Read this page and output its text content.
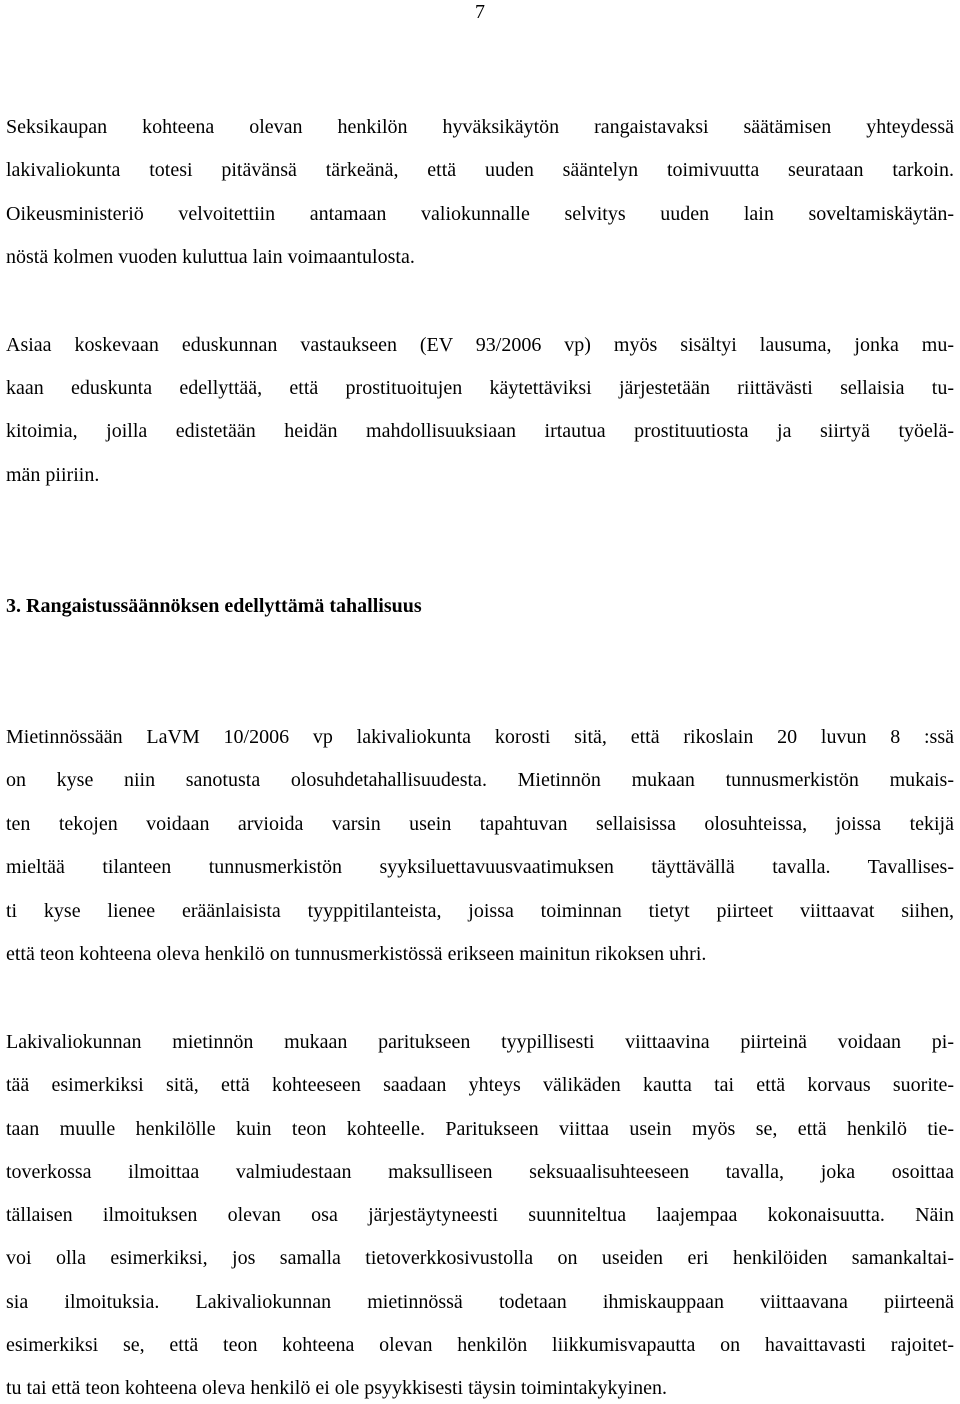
7
Seksikaupan kohteena olevan henkilön hyväksikäytön rangaistavaksi säätämisen yhteydessä
lakivaliokunta totesi pitävänsä tärkeänä, että uuden sääntelyn toimivuutta seurataan tarkoin.
Oikeusministeriö velvoitettiin antamaan valiokunnalle selvitys uuden lain soveltamiskäytän-
nöstä kolmen vuoden kuluttua lain voimaantulosta.
Asiaa koskevaan eduskunnan vastaukseen (EV 93/2006 vp) myös sisältyi lausuma, jonka mu-
kaan eduskunta edellyttää, että prostituoitujen käytettäviksi järjestetään riittävästi sellaisia tu-
kitoimia, joilla edistetään heidän mahdollisuuksiaan irtautua prostituutiosta ja siirtyä työelä-
män piiriin.
3. Rangaistussäännöksen edellyttämä tahallisuus
Mietinnössään LaVM 10/2006 vp lakivaliokunta korosti sitä, että rikoslain 20 luvun 8 :ssä
on kyse niin sanotusta olosuhdetahallisuudesta. Mietinnön mukaan tunnusmerkistön mukais-
ten tekojen voidaan arvioida varsin usein tapahtuvan sellaisissa olosuhteissa, joissa tekijä
mieltää tilanteen tunnusmerkistön syyksiluettavuusvaatimuksen täyttävällä tavalla. Tavallises-
ti kyse lienee eräänlaisista tyyppitilanteista, joissa toiminnan tietyt piirteet viittaavat siihen,
että teon kohteena oleva henkilö on tunnusmerkistössä erikseen mainitun rikoksen uhri.
Lakivaliokunnan mietinnön mukaan paritukseen tyypillisesti viittaavina piirteinä voidaan pi-
tää esimerkiksi sitä, että kohteeseen saadaan yhteys välikäden kautta tai että korvaus suorite-
taan muulle henkilölle kuin teon kohteelle. Paritukseen viittaa usein myös se, että henkilö tie-
toverkossa ilmoittaa valmiudestaan maksulliseen seksuaalisuhteeseen tavalla, joka osoittaa
tällaisen ilmoituksen olevan osa järjestäytyneesti suunniteltua laajempaa kokonaisuutta. Näin
voi olla esimerkiksi, jos samalla tietoverkkosivustolla on useiden eri henkilöiden samankaltai-
sia ilmoituksia. Lakivaliokunnan mietinnössä todetaan ihmiskauppaan viittaavana piirteenä
esimerkiksi se, että teon kohteena olevan henkilön liikkumisvapautta on havaittavasti rajoitet-
tu tai että teon kohteena oleva henkilö ei ole psyykkisesti täysin toimintakykyinen.
